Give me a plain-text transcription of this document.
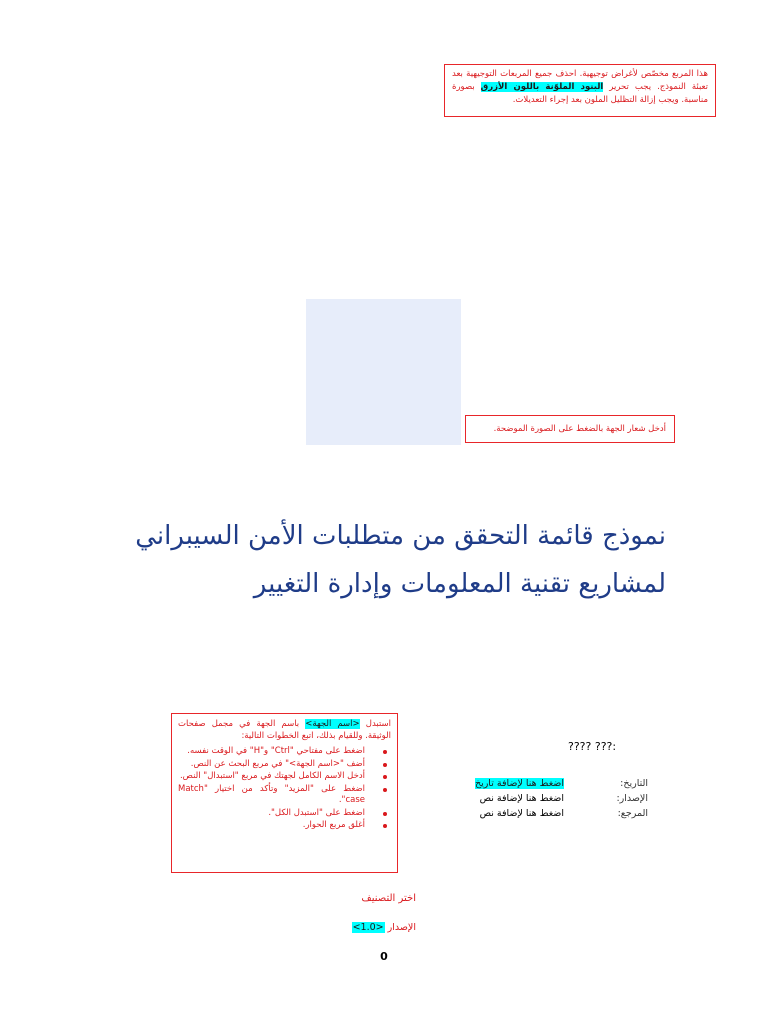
هذا المربع مخصّص لأغراض توجيهية. احذف جميع المربعات التوجيهية بعد تعبئة النموذج. يجب تحرير البنود الملوّنة باللون الأزرق بصورة مناسبة. ويجب إزالة التظليل الملون بعد إجراء التعديلات.
أدخل شعار الجهة بالضغط على الصورة الموضحة.
نموذج قائمة التحقق من متطلبات الأمن السيبراني
لمشاريع تقنية المعلومات وإدارة التغيير
استبدل <اسم الجهة> باسم الجهة في مجمل صفحات الوثيقة. وللقيام بذلك، اتبع الخطوات التالية:
اضغط على مفتاحي "Ctrl" و"H" في الوقت نفسه.
أضف "<اسم الجهة>" في مربع البحث عن النص.
أدخل الاسم الكامل لجهتك في مربع "استبدال" النص.
اضغط على "المزيد" وتأكد من اختيار "Match case".
اضغط على "استبدل الكل".
أغلق مربع الحوار.
???? ???:
التاريخ:	اضغط هنا لإضافة تاريخ
الإصدار:	اضغط هنا لإضافة نص
المرجع:	اضغط هنا لإضافة نص
اختر التصنيف
الإصدار <1.0>
0
